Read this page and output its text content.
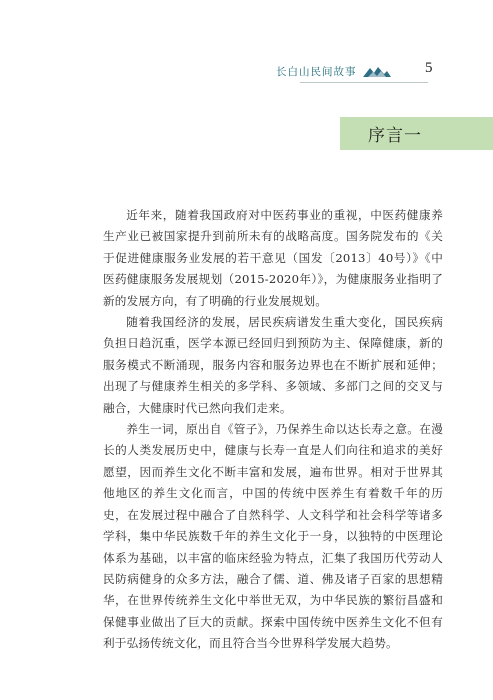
长白山民间故事	5
序言一

近年来，随着我国政府对中医药事业的重视，中医药健康养生产业已被国家提升到前所未有的战略高度。国务院发布的《关于促进健康服务业发展的若干意见（国发〔2013〕40号）》《中医药健康服务发展规划（2015-2020年）》，为健康服务业指明了新的发展方向，有了明确的行业发展规划。

随着我国经济的发展，居民疾病谱发生重大变化，国民疾病负担日趋沉重，医学本源已经回归到预防为主、保障健康，新的服务模式不断涌现，服务内容和服务边界也在不断扩展和延伸；出现了与健康养生相关的多学科、多领域、多部门之间的交叉与融合，大健康时代已然向我们走来。

养生一词，原出自《管子》，乃保养生命以达长寿之意。在漫长的人类发展历史中，健康与长寿一直是人们向往和追求的美好愿望，因而养生文化不断丰富和发展，遍布世界。相对于世界其他地区的养生文化而言，中国的传统中医养生有着数千年的历史，在发展过程中融合了自然科学、人文科学和社会科学等诸多学科，集中华民族数千年的养生文化于一身，以独特的中医理论体系为基础，以丰富的临床经验为特点，汇集了我国历代劳动人民防病健身的众多方法，融合了儒、道、佛及诸子百家的思想精华，在世界传统养生文化中举世无双，为中华民族的繁衍昌盛和保健事业做出了巨大的贡献。探索中国传统中医养生文化不但有利于弘扬传统文化，而且符合当今世界科学发展大趋势。
